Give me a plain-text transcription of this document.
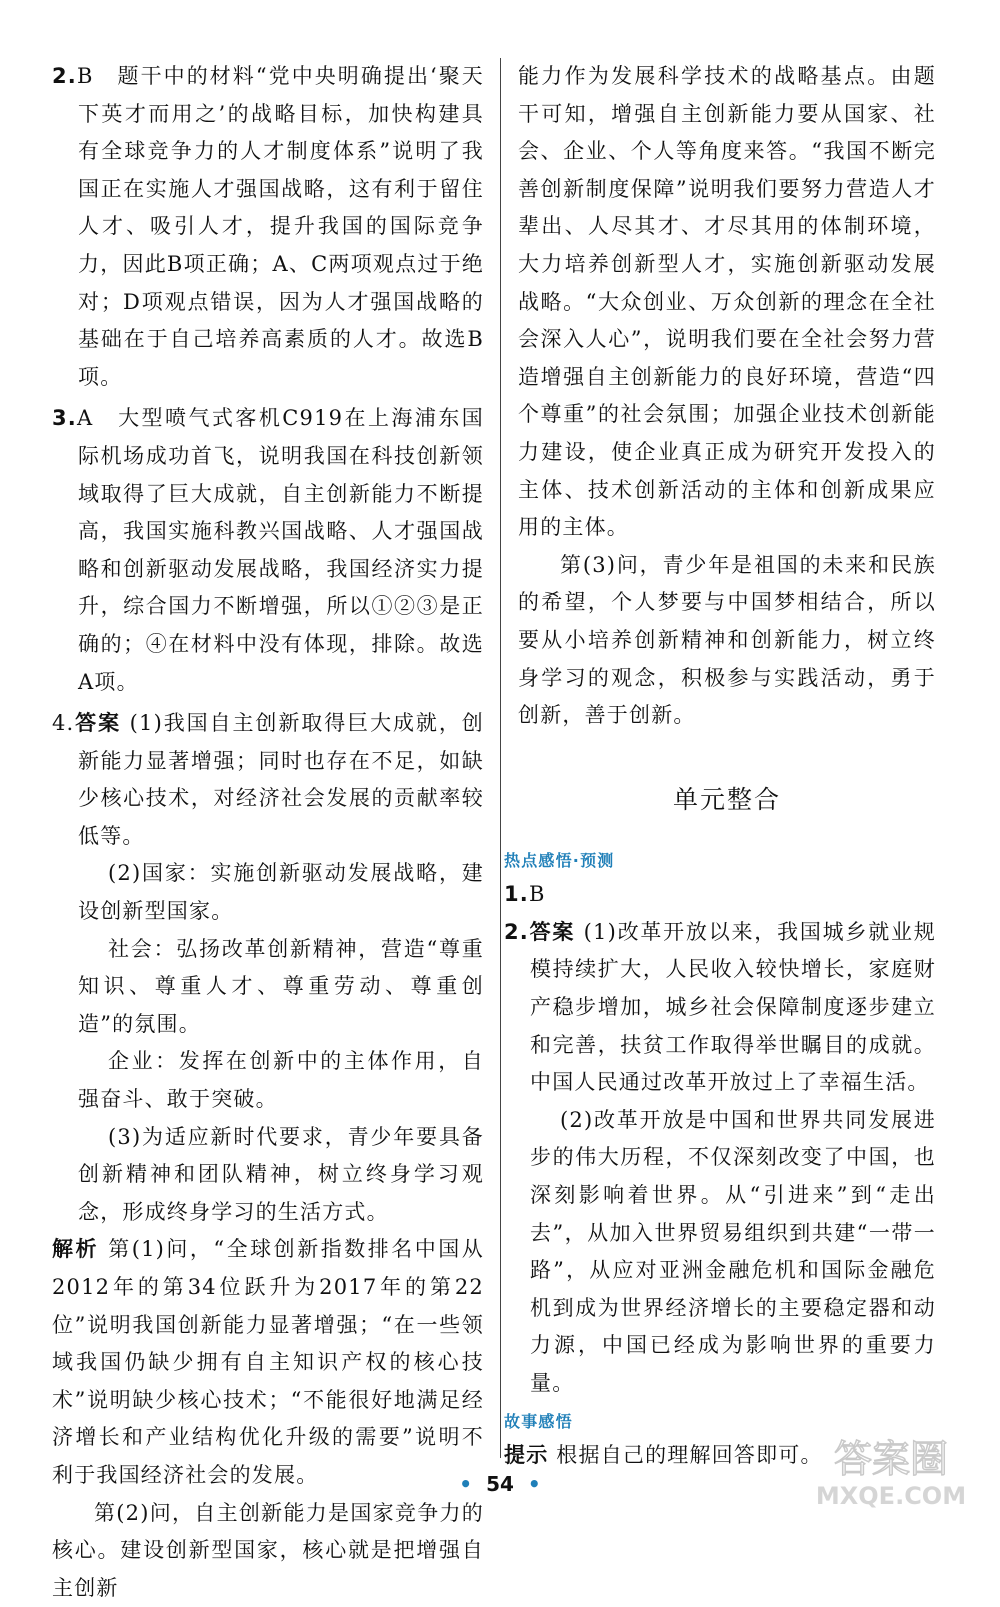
2.B　题干中的材料“党中央明确提出‘聚天下英才而用之’的战略目标，加快构建具有全球竞争力的人才制度体系”说明了我国正在实施人才强国战略，这有利于留住人才、吸引人才，提升我国的国际竞争力，因此B项正确；A、C两项观点过于绝对；D项观点错误，因为人才强国战略的基础在于自己培养高素质的人才。故选B项。

3.A　大型喷气式客机C919在上海浦东国际机场成功首飞，说明我国在科技创新领域取得了巨大成就，自主创新能力不断提高，我国实施科教兴国战略、人才强国战略和创新驱动发展战略，我国经济实力提升，综合国力不断增强，所以①②③是正确的；④在材料中没有体现，排除。故选A项。

4.答案 (1)我国自主创新取得巨大成就，创新能力显著增强；同时也存在不足，如缺少核心技术，对经济社会发展的贡献率较低等。

(2)国家：实施创新驱动发展战略，建设创新型国家。

社会：弘扬改革创新精神，营造“尊重知识、尊重人才、尊重劳动、尊重创造”的氛围。

企业：发挥在创新中的主体作用，自强奋斗、敢于突破。

(3)为适应新时代要求，青少年要具备创新精神和团队精神，树立终身学习观念，形成终身学习的生活方式。

解析 第(1)问，“全球创新指数排名中国从2012年的第34位跃升为2017年的第22位”说明我国创新能力显著增强；“在一些领域我国仍缺少拥有自主知识产权的核心技术”说明缺少核心技术；“不能很好地满足经济增长和产业结构优化升级的需要”说明不利于我国经济社会的发展。

第(2)问，自主创新能力是国家竞争力的核心。建设创新型国家，核心就是把增强自主创新

能力作为发展科学技术的战略基点。由题干可知，增强自主创新能力要从国家、社会、企业、个人等角度来答。“我国不断完善创新制度保障”说明我们要努力营造人才辈出、人尽其才、才尽其用的体制环境，大力培养创新型人才，实施创新驱动发展战略。“大众创业、万众创新的理念在全社会深入人心”，说明我们要在全社会努力营造增强自主创新能力的良好环境，营造“四个尊重”的社会氛围；加强企业技术创新能力建设，使企业真正成为研究开发投入的主体、技术创新活动的主体和创新成果应用的主体。

第(3)问，青少年是祖国的未来和民族的希望，个人梦要与中国梦相结合，所以要从小培养创新精神和创新能力，树立终身学习的观念，积极参与实践活动，勇于创新，善于创新。

单元整合
热点感悟·预测

1.B

2.答案 (1)改革开放以来，我国城乡就业规模持续扩大，人民收入较快增长，家庭财产稳步增加，城乡社会保障制度逐步建立和完善，扶贫工作取得举世瞩目的成就。中国人民通过改革开放过上了幸福生活。

(2)改革开放是中国和世界共同发展进步的伟大历程，不仅深刻改变了中国，也深刻影响着世界。从“引进来”到“走出去”，从加入世界贸易组织到共建“一带一路”，从应对亚洲金融危机和国际金融危机到成为世界经济增长的主要稳定器和动力源，中国已经成为影响世界的重要力量。

故事感悟

提示 根据自己的理解回答即可。

• 54 •
答案圈
MXQE.COM
